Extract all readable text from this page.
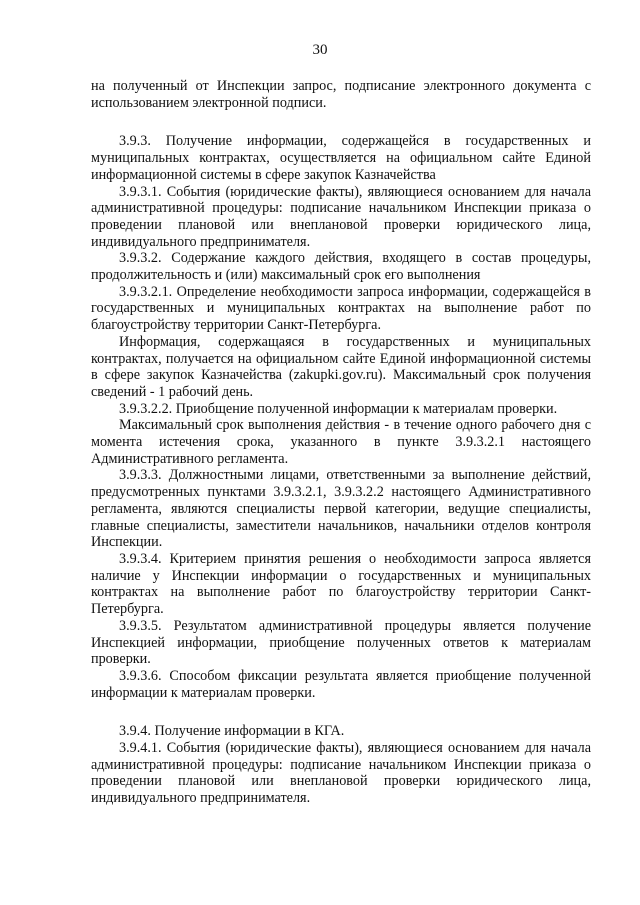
30

на полученный от Инспекции запрос, подписание электронного документа с использованием электронной подписи.

3.9.3. Получение информации, содержащейся в государственных и муниципальных контрактах, осуществляется на официальном сайте Единой информационной системы в сфере закупок Казначейства

3.9.3.1. События (юридические факты), являющиеся основанием для начала административной процедуры: подписание начальником Инспекции приказа о проведении плановой или внеплановой проверки юридического лица, индивидуального предпринимателя.

3.9.3.2. Содержание каждого действия, входящего в состав процедуры, продолжительность и (или) максимальный срок его выполнения

3.9.3.2.1. Определение необходимости запроса информации, содержащейся в государственных и муниципальных контрактах на выполнение работ по благоустройству территории Санкт-Петербурга.

Информация, содержащаяся в государственных и муниципальных контрактах, получается на официальном сайте Единой информационной системы в сфере закупок Казначейства (zakupki.gov.ru). Максимальный срок получения сведений - 1 рабочий день.

3.9.3.2.2. Приобщение полученной информации к материалам проверки.

Максимальный срок выполнения действия - в течение одного рабочего дня с момента истечения срока, указанного в пункте 3.9.3.2.1 настоящего Административного регламента.

3.9.3.3. Должностными лицами, ответственными за выполнение действий, предусмотренных пунктами 3.9.3.2.1, 3.9.3.2.2 настоящего Административного регламента, являются специалисты первой категории, ведущие специалисты, главные специалисты, заместители начальников, начальники отделов контроля Инспекции.

3.9.3.4. Критерием принятия решения о необходимости запроса является наличие у Инспекции информации о государственных и муниципальных контрактах на выполнение работ по благоустройству территории Санкт-Петербурга.

3.9.3.5. Результатом административной процедуры является получение Инспекцией информации, приобщение полученных ответов к материалам проверки.

3.9.3.6. Способом фиксации результата является приобщение полученной информации к материалам проверки.

3.9.4. Получение информации в КГА.

3.9.4.1. События (юридические факты), являющиеся основанием для начала административной процедуры: подписание начальником Инспекции приказа о проведении плановой или внеплановой проверки юридического лица, индивидуального предпринимателя.
